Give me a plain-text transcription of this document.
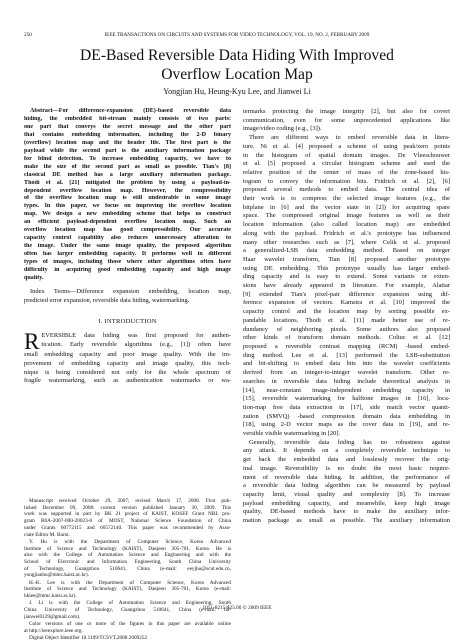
250	IEEE TRANSACTIONS ON CIRCUITS AND SYSTEMS FOR VIDEO TECHNOLOGY, VOL. 19, NO. 2, FEBRUARY 2009
DE-Based Reversible Data Hiding With Improved
Overflow Location Map
Yongjian Hu, Heung-Kyu Lee, and Jianwei Li
Abstract—For difference-expansion (DE)-based reversible data
hiding, the embedded bit-stream mainly consists of two parts:
one part that conveys the secret message and the other part
that contains embedding information, including the 2-D binary
(overflow) location map and the header file. The first part is the
payload while the second part is the auxiliary information package
for blind detection. To increase embedding capacity, we have to
make the size of the second part as small as possible. Tian's [8]
classical DE method has a large auxiliary information package.
Thodi et al. [21] mitigated the problem by using a payload-in-
dependent overflow location map. However, the compressibility
of the overflow location map is still undesirable in some image
types. In this paper, we focus on improving the overflow location
map. We design a new embedding scheme that helps us construct
an efficient payload-dependent overflow location map. Such an
overflow location map has good compressibility. Our accurate
capacity control capability also reduces unnecessary alteration to
the image. Under the same image quality, the proposed algorithm
often has larger embedding capacity. It performs well in different
types of images, including those where other algorithms often have
difficulty in acquiring good embedding capacity and high image
quality.
Index Terms—Difference expansion embedding, location map,
predicted error expansion, reversible data hiding, watermarking.
I. INTRODUCTION
R EVERSIBLE data hiding was first proposed for authen-
tication. Early reversible algorithms (e.g., [1]) often have
small embedding capacity and poor image quality. With the im-
provement of embedding capacity and image quality, this tech-
nique is being considered not only for the whole spectrum of
fragile watermarking, such as authentication watermarks or wa-
Manuscript received October 29, 2007; revised March 17, 2008. First pub-
lished December 09, 2008; current version published January 30, 2009. This
work was supported in part by BK 21 project of KAIST, KOSEF Grant NRL pro-
gram R0A-2007-000-20023-0 of MOST, National Science Foundation of China
under Grants 60772115 and 60572140. This paper was recommended by Asso-
ciate Editor M. Barni.
Y. Hu is with the Department of Computer Science, Korea Advanced
Institute of Science and Technology (KAIST), Daejeon 305-701, Korea. He is
also with the College of Automation Science and Engineering and with the
School of Electronic and Information Engineering, South China University
of Technology, Guangzhou 510641, China (e-mail: eeyjhu@scut.edu.cn,
yongjianhu@mmc.kaist.ac.kr).
H.-K. Lee is with the Department of Computer Science, Korea Advanced
Institute of Science and Technology (KAIST), Daejeon 305-701, Korea (e-mail:
hklee@mmc.kaist.ac.kr).
J. Li is with the College of Automation Science and Engineering, South
China University of Technology, Guangzhou 510641, China (e-mail: lia-
jianwei0129@gmail.com).
Color versions of one or more of the figures in this paper are available online
at http://ieeexplore.ieee.org.
Digital Object Identifier 10.1109/TCSVT.2008.2009252
termarks protecting the image integrity [2], but also for covert
communication, even for some unprecedented applications like
image/video coding (e.g., [3]).
There are different ways to embed reversible data in litera-
ture. Ni et al. [4] proposed a scheme of using peak/zero points
in the histogram of spatial domain images. De Vleeschouwer
et al. [5] proposed a circular histogram scheme and used the
relative position of the center of mass of the zone-based his-
togram to convey the information bits. Fridrich et al. [2], [6]
proposed several methods to embed data. The central idea of
their work is to compress the selected image features (e.g., the
bitplane in [6] and the vector state in [2]) for acquiring spare
space. The compressed original image features as well as their
location information (also called location map) are embedded
along with the payload. Fridrich et al.'s prototype has influenced
many other researches such as [7], where Celik et al. proposed
a generalized-LSB data embedding method. Based on integer
Haar wavelet transform, Tian [8] proposed another prototype
using DE embedding. This prototype usually has larger embed-
ding capacity and is easy to extend. Some variants or exten-
sions have already appeared in literature. For example, Alattar
[9] extended Tian's pixel-pair difference expansion using dif-
ference expansion of vectors. Kamstra et al. [10] improved the
capacity control and the location map by sorting possible ex-
pandable locations. Thodi et al. [11] made better use of re-
dundancy of neighboring pixels. Some authors also proposed
other kinds of transform domain methods. Coltuc et al. [12]
proposed a reversible contrast mapping (RCM) -based embed-
ding method. Lee et al. [13] performed the LSB-substitution
and bit-shifting to embed data bits into the wavelet coefficients
derived from an integer-to-integer wavelet transform. Other re-
searches in reversible data hiding include theoretical analysis in
[14], near-constant image-independent embedding capacity in
[15], reversible watermarking for halftone images in [16], loca-
tion-map free data extraction in [17], side match vector quanti-
zation (SMVQ) -based compression domain data embedding in
[18], using 2-D vector maps as the cover data in [19], and re-
versible visible watermarking in [20].
Generally, reversible data hiding has no robustness against
any attack. It depends on a completely reversible technique to
get back the embedded data and losslessly recover the orig-
inal image. Reversibility is no doubt the most basic require-
ment of reversible data hiding. In addition, the performance of
a reversible data hiding algorithm can be measured by payload
capacity limit, visual quality and complexity [8]. To increase
payload embedding capacity, and meanwhile, keep high image
quality, DE-based methods have to make the auxiliary infor-
mation package as small as possible. The auxiliary information
1051-8215/$25.00 © 2009 IEEE
